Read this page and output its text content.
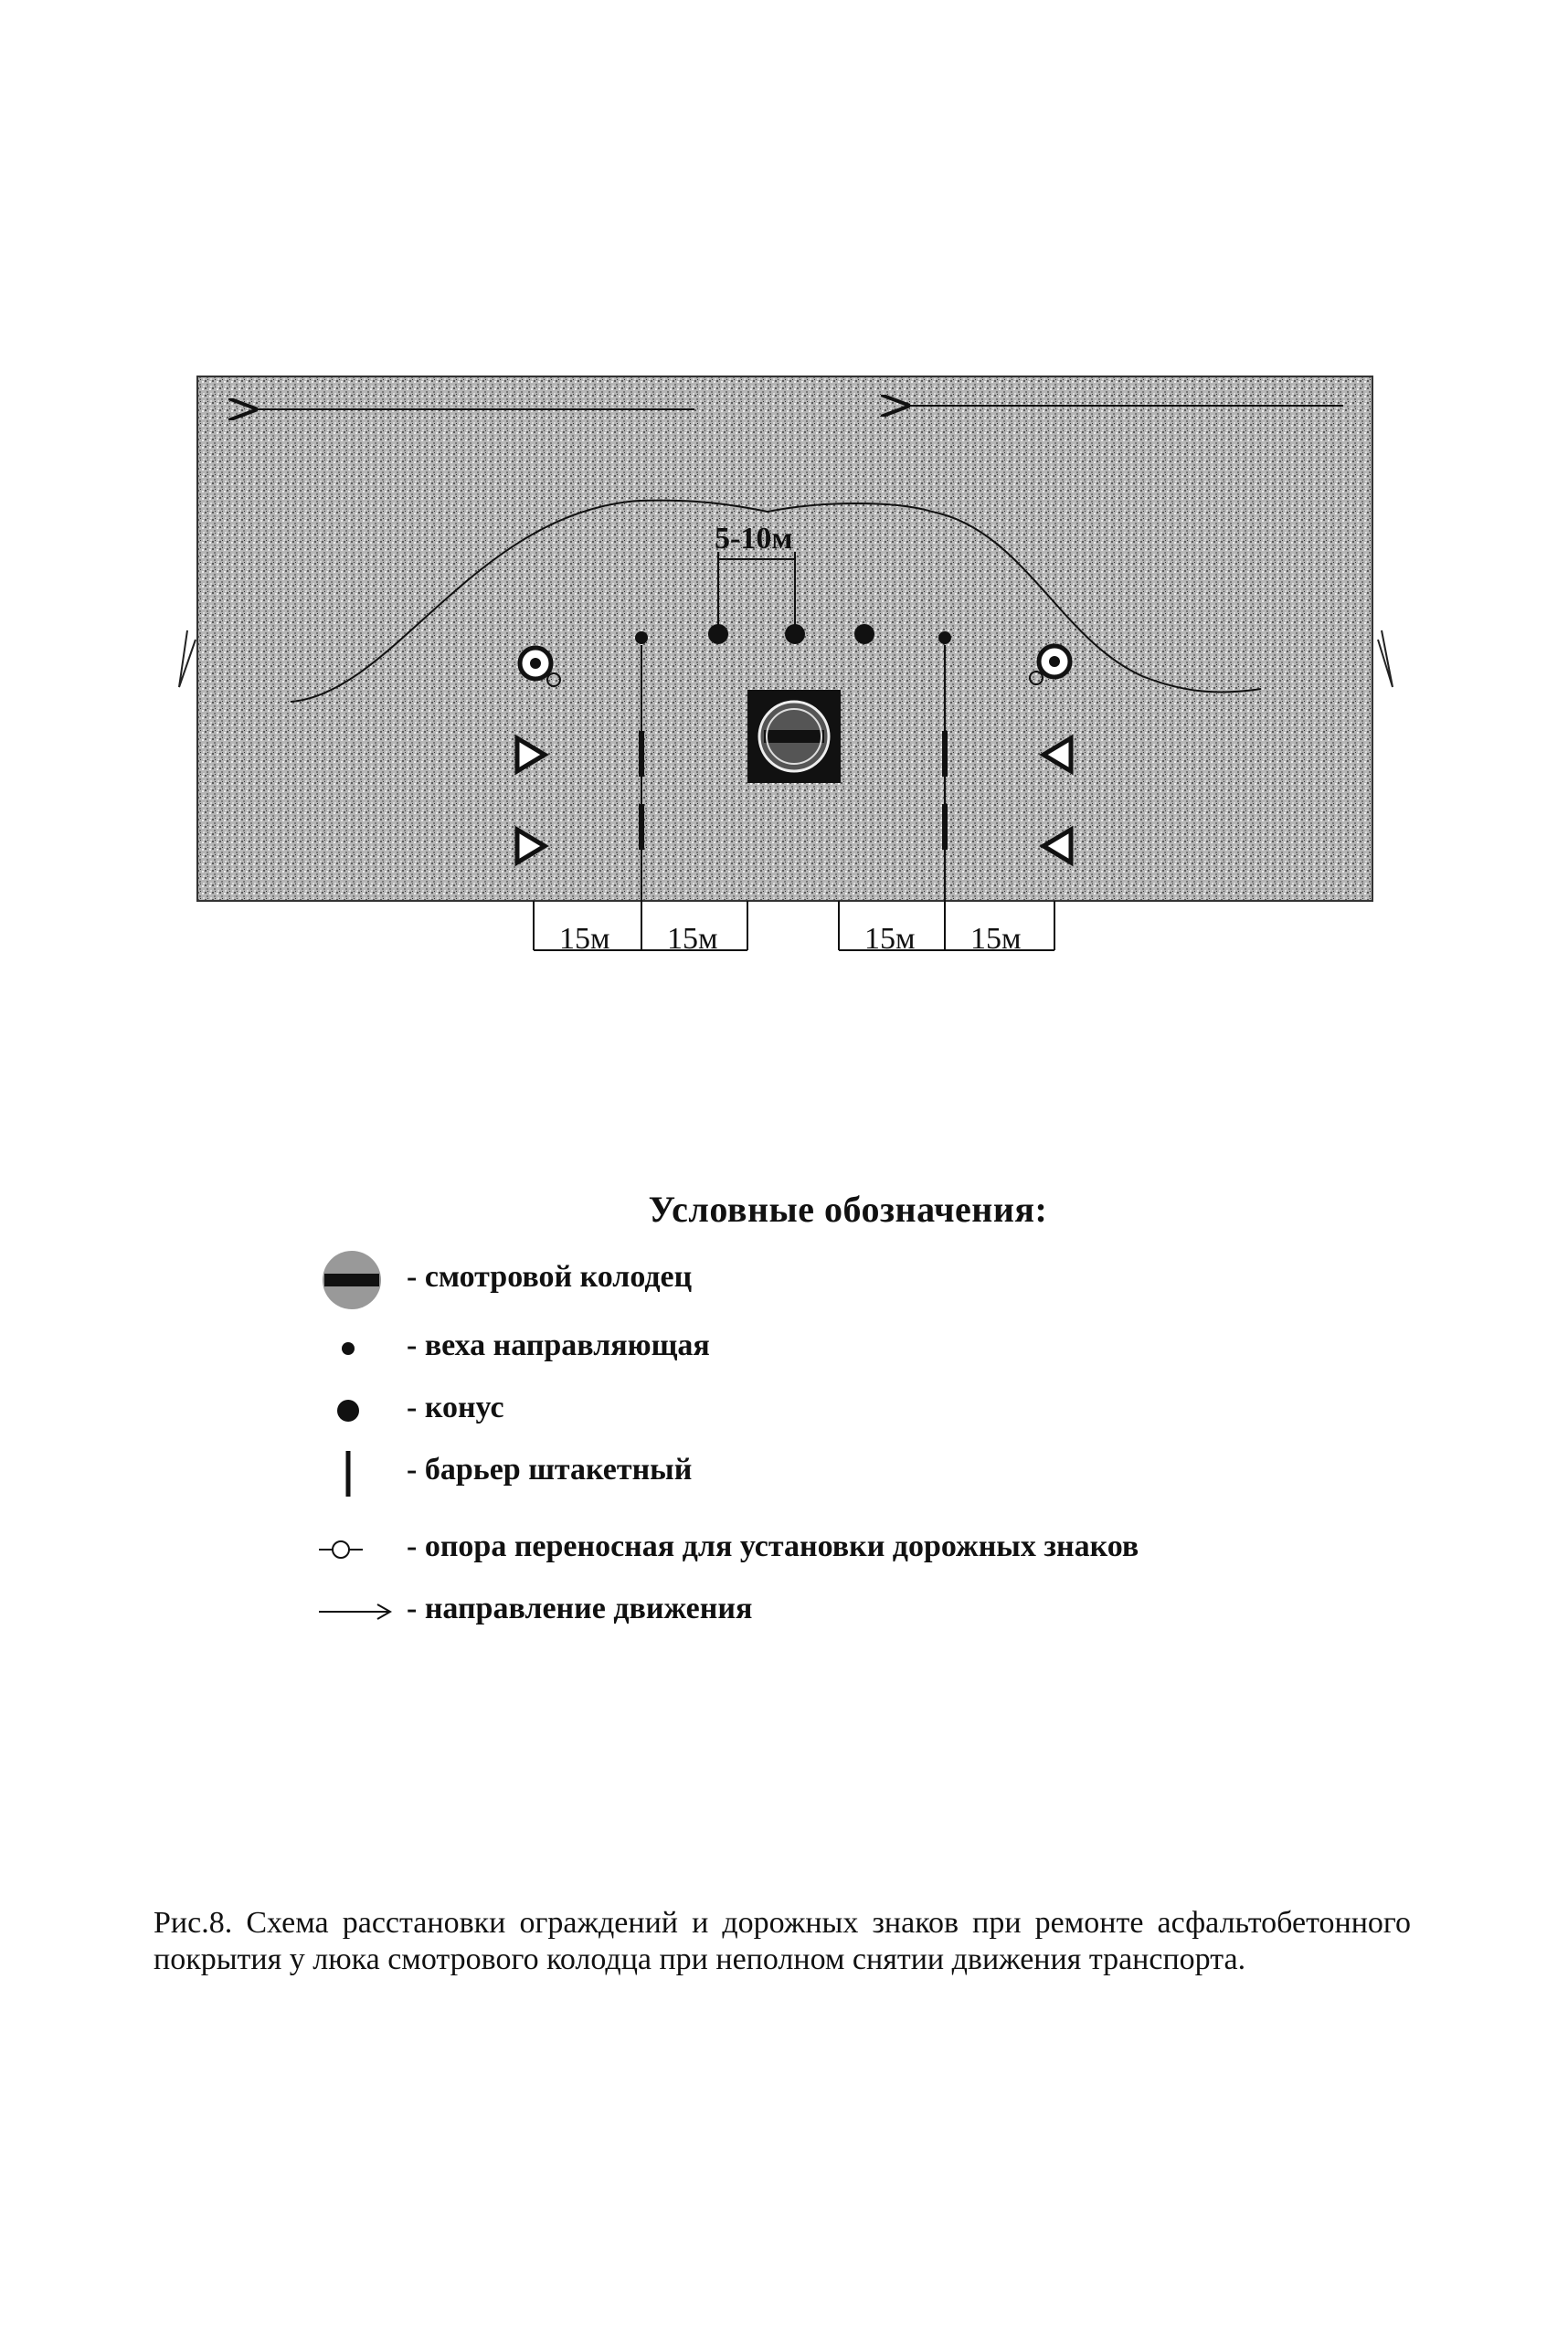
5-10м
15м 15м	15м 15м
Условные обозначения:
- смотровой колодец
- веха направляющая
- конус
- барьер штакетный
- опора переносная для установки дорожных знаков
- направление движения
Рис.8. Схема расстановки ограждений и дорожных знаков при ремонте асфальтобетонного покрытия у люка смотрового колодца при неполном снятии движения транспорта.
